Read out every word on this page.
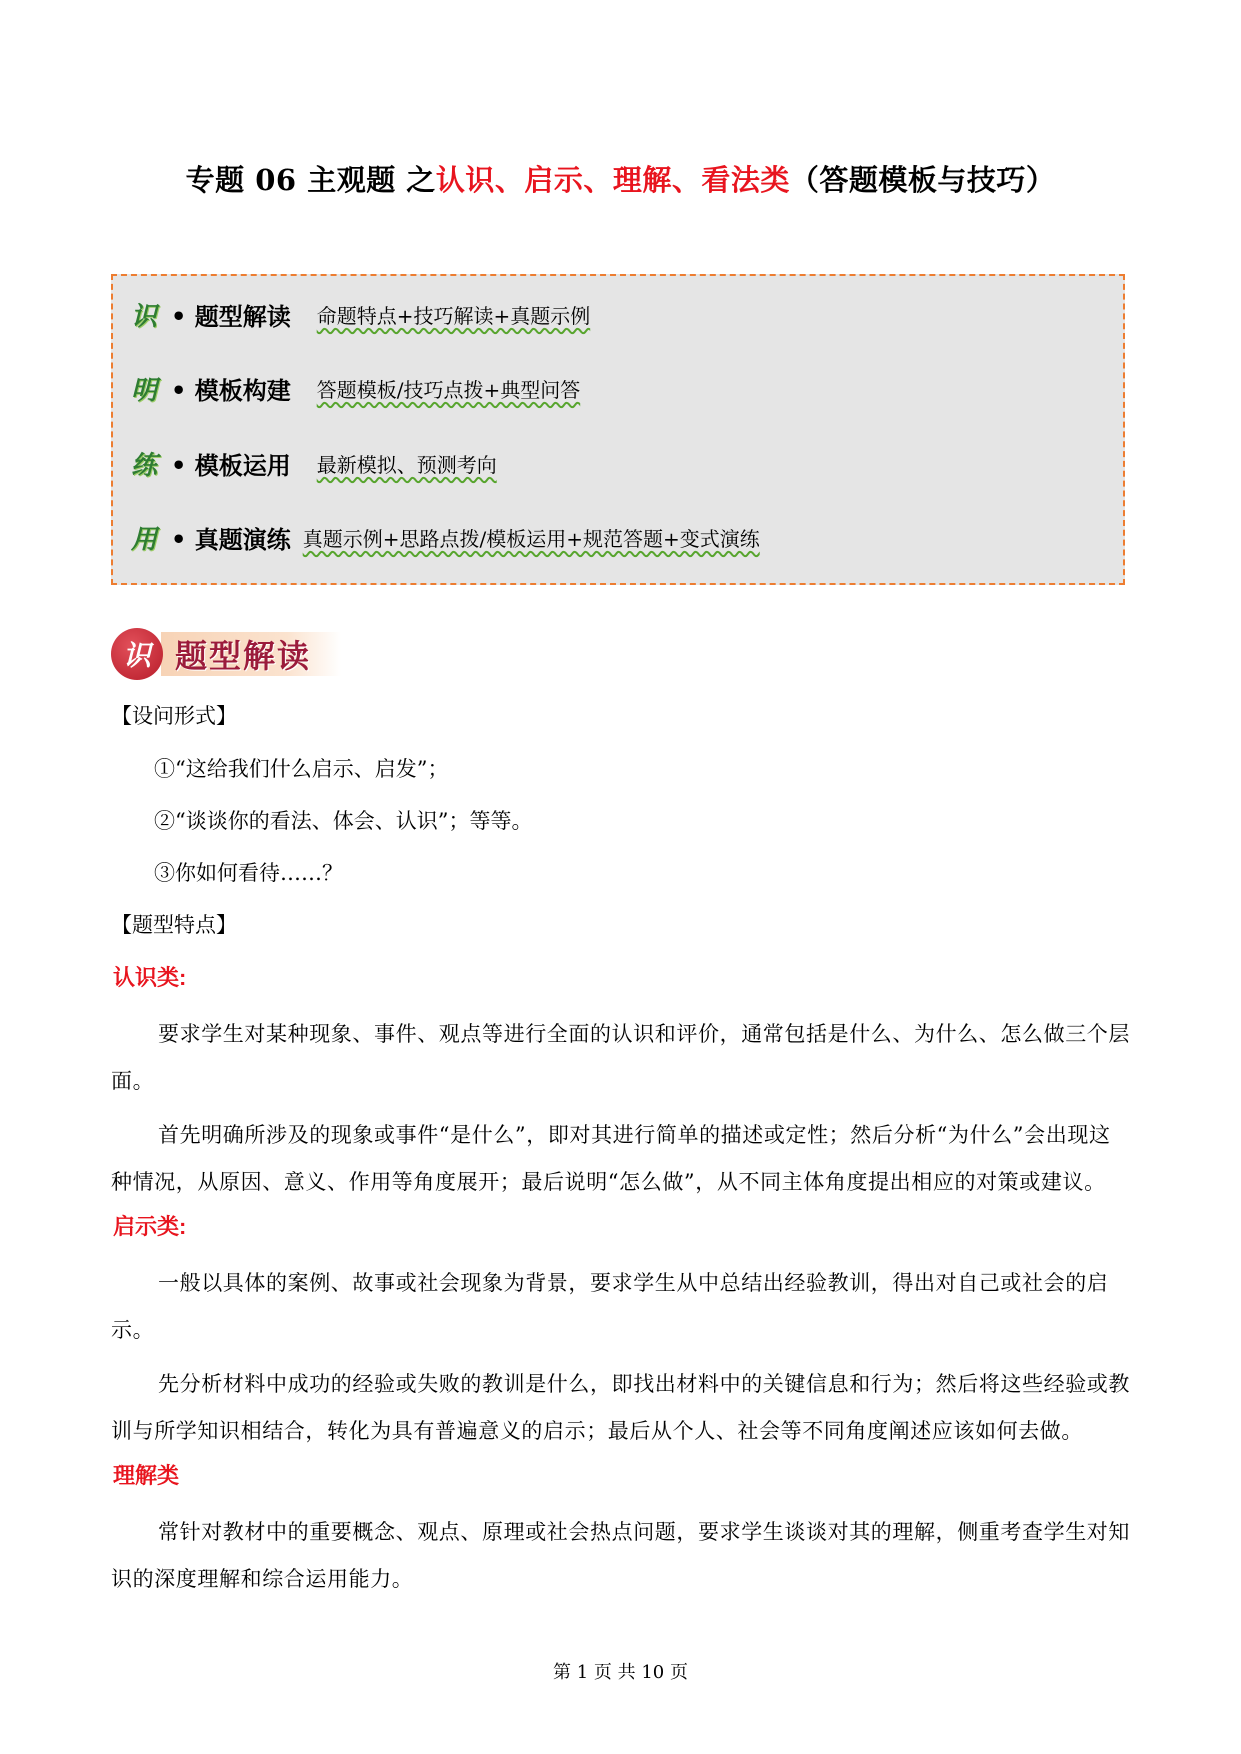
专题 06 主观题 之认识、启示、理解、看法类（答题模板与技巧）
识 • 题型解读 命题特点+技巧解读+真题示例
明 • 模板构建 答题模板/技巧点拨+典型问答
练 • 模板运用 最新模拟、预测考向
用 • 真题演练 真题示例+思路点拨/模板运用+规范答题+变式演练
题型解读
识
【设问形式】
①“这给我们什么启示、启发”；
②“谈谈你的看法、体会、认识”；等等。
③你如何看待……？
【题型特点】
认识类:
要求学生对某种现象、事件、观点等进行全面的认识和评价，通常包括是什么、为什么、怎么做三个层面。
首先明确所涉及的现象或事件“是什么”，即对其进行简单的描述或定性；然后分析“为什么”会出现这种情况，从原因、意义、作用等角度展开；最后说明“怎么做”，从不同主体角度提出相应的对策或建议。
启示类:
一般以具体的案例、故事或社会现象为背景，要求学生从中总结出经验教训，得出对自己或社会的启示。
先分析材料中成功的经验或失败的教训是什么，即找出材料中的关键信息和行为；然后将这些经验或教训与所学知识相结合，转化为具有普遍意义的启示；最后从个人、社会等不同角度阐述应该如何去做。
理解类
常针对教材中的重要概念、观点、原理或社会热点问题，要求学生谈谈对其的理解，侧重考查学生对知识的深度理解和综合运用能力。
第 1 页 共 10 页
